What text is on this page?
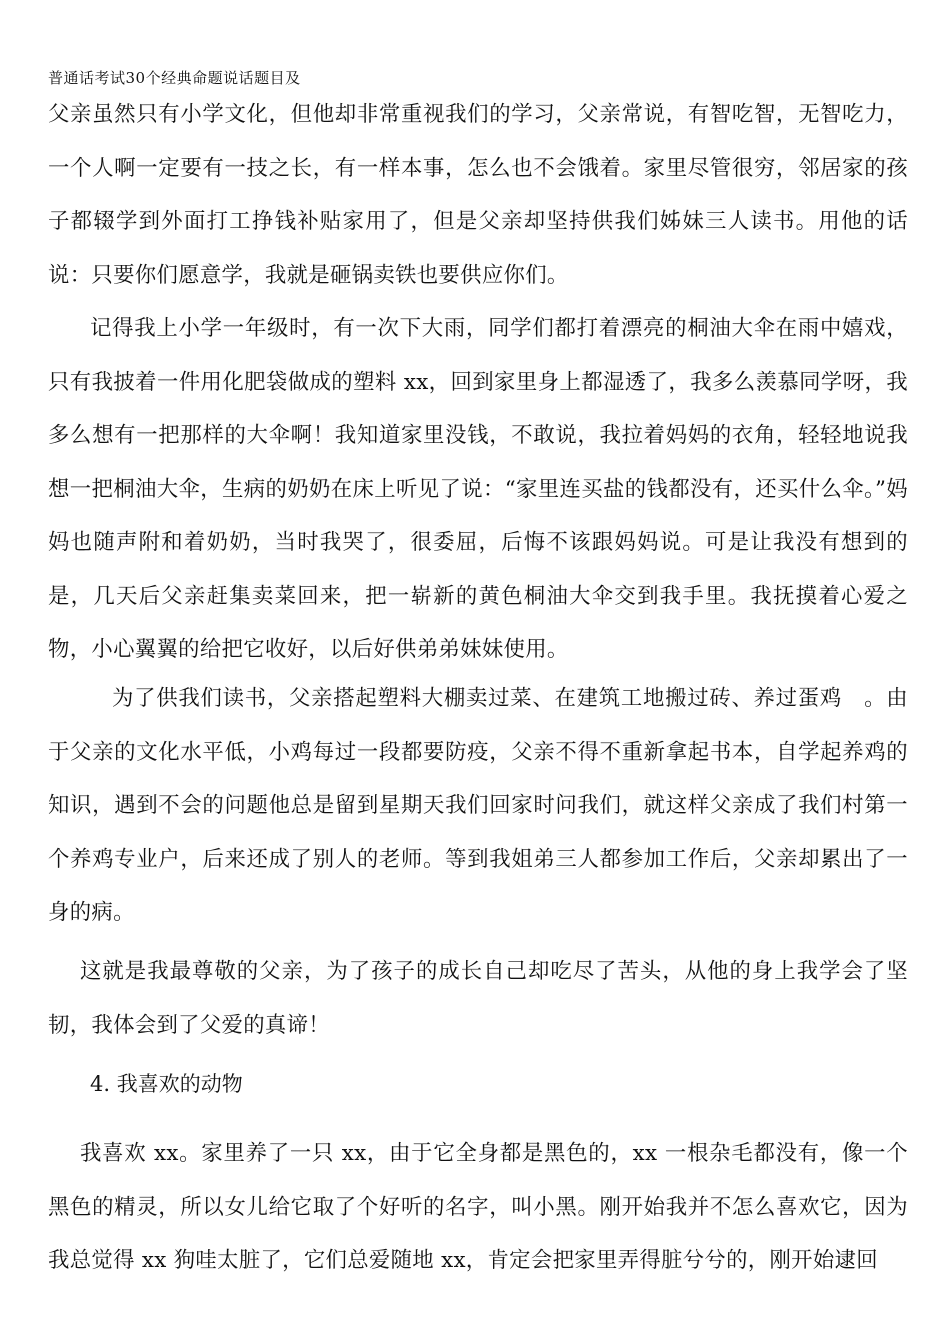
普通话考试30个经典命题说话题目及

父亲虽然只有小学文化，但他却非常重视我们的学习，父亲常说，有智吃智，无智吃力，一个人啊一定要有一技之长，有一样本事，怎么也不会饿着。家里尽管很穷，邻居家的孩子都辍学到外面打工挣钱补贴家用了，但是父亲却坚持供我们姊妹三人读书。用他的话说：只要你们愿意学，我就是砸锅卖铁也要供应你们。

记得我上小学一年级时，有一次下大雨，同学们都打着漂亮的桐油大伞在雨中嬉戏，只有我披着一件用化肥袋做成的塑料 xx，回到家里身上都湿透了，我多么羡慕同学呀，我多么想有一把那样的大伞啊！我知道家里没钱，不敢说，我拉着妈妈的衣角，轻轻地说我想一把桐油大伞，生病的奶奶在床上听见了说：“家里连买盐的钱都没有，还买什么伞。”妈妈也随声附和着奶奶，当时我哭了，很委屈，后悔不该跟妈妈说。可是让我没有想到的是，几天后父亲赶集卖菜回来，把一崭新的黄色桐油大伞交到我手里。我抚摸着心爱之物，小心翼翼的给把它收好，以后好供弟弟妹妹使用。

为了供我们读书，父亲搭起塑料大棚卖过菜、在建筑工地搬过砖、养过蛋鸡　。由于父亲的文化水平低，小鸡每过一段都要防疫，父亲不得不重新拿起书本，自学起养鸡的知识，遇到不会的问题他总是留到星期天我们回家时问我们，就这样父亲成了我们村第一个养鸡专业户，后来还成了别人的老师。等到我姐弟三人都参加工作后，父亲却累出了一身的病。

这就是我最尊敬的父亲，为了孩子的成长自己却吃尽了苦头，从他的身上我学会了坚韧，我体会到了父爱的真谛！

4. 我喜欢的动物

我喜欢 xx。家里养了一只 xx，由于它全身都是黑色的，xx 一根杂毛都没有，像一个黑色的精灵，所以女儿给它取了个好听的名字，叫小黑。刚开始我并不怎么喜欢它，因为我总觉得 xx 狗哇太脏了，它们总爱随地 xx，肯定会把家里弄得脏兮兮的，刚开始逮回
